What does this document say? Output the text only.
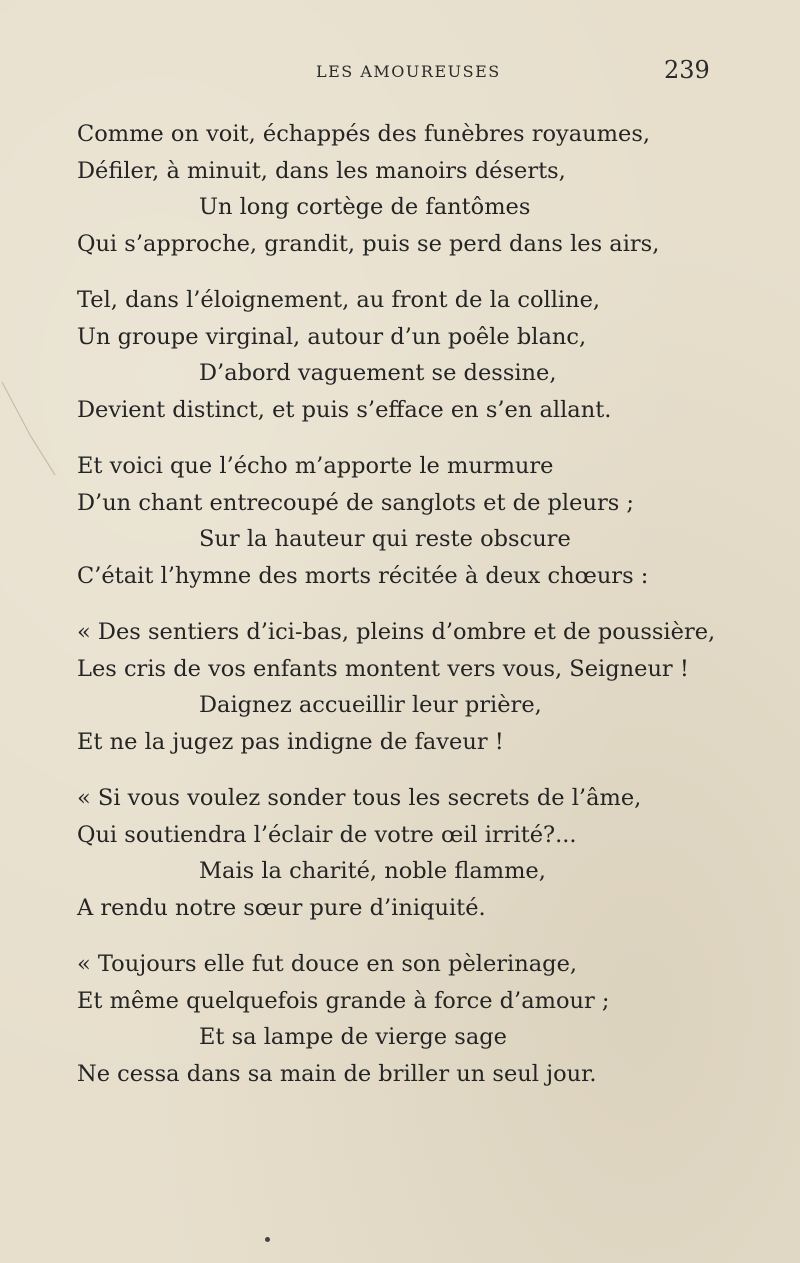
LES AMOUREUSES	239
Comme on voit, échappés des funèbres royaumes,
Défiler, à minuit, dans les manoirs déserts,
Un long cortège de fantômes
Qui s’approche, grandit, puis se perd dans les airs,
Tel, dans l’éloignement, au front de la colline,
Un groupe virginal, autour d’un poêle blanc,
D’abord vaguement se dessine,
Devient distinct, et puis s’efface en s’en allant.
Et voici que l’écho m’apporte le murmure
D’un chant entrecoupé de sanglots et de pleurs ;
Sur la hauteur qui reste obscure
C’était l’hymne des morts récitée à deux chœurs :
« Des sentiers d’ici-bas, pleins d’ombre et de poussière,
Les cris de vos enfants montent vers vous, Seigneur !
Daignez accueillir leur prière,
Et ne la jugez pas indigne de faveur !
« Si vous voulez sonder tous les secrets de l’âme,
Qui soutiendra l’éclair de votre œil irrité?...
Mais la charité, noble flamme,
A rendu notre sœur pure d’iniquité.
« Toujours elle fut douce en son pèlerinage,
Et même quelquefois grande à force d’amour ;
Et sa lampe de vierge sage
Ne cessa dans sa main de briller un seul jour.
